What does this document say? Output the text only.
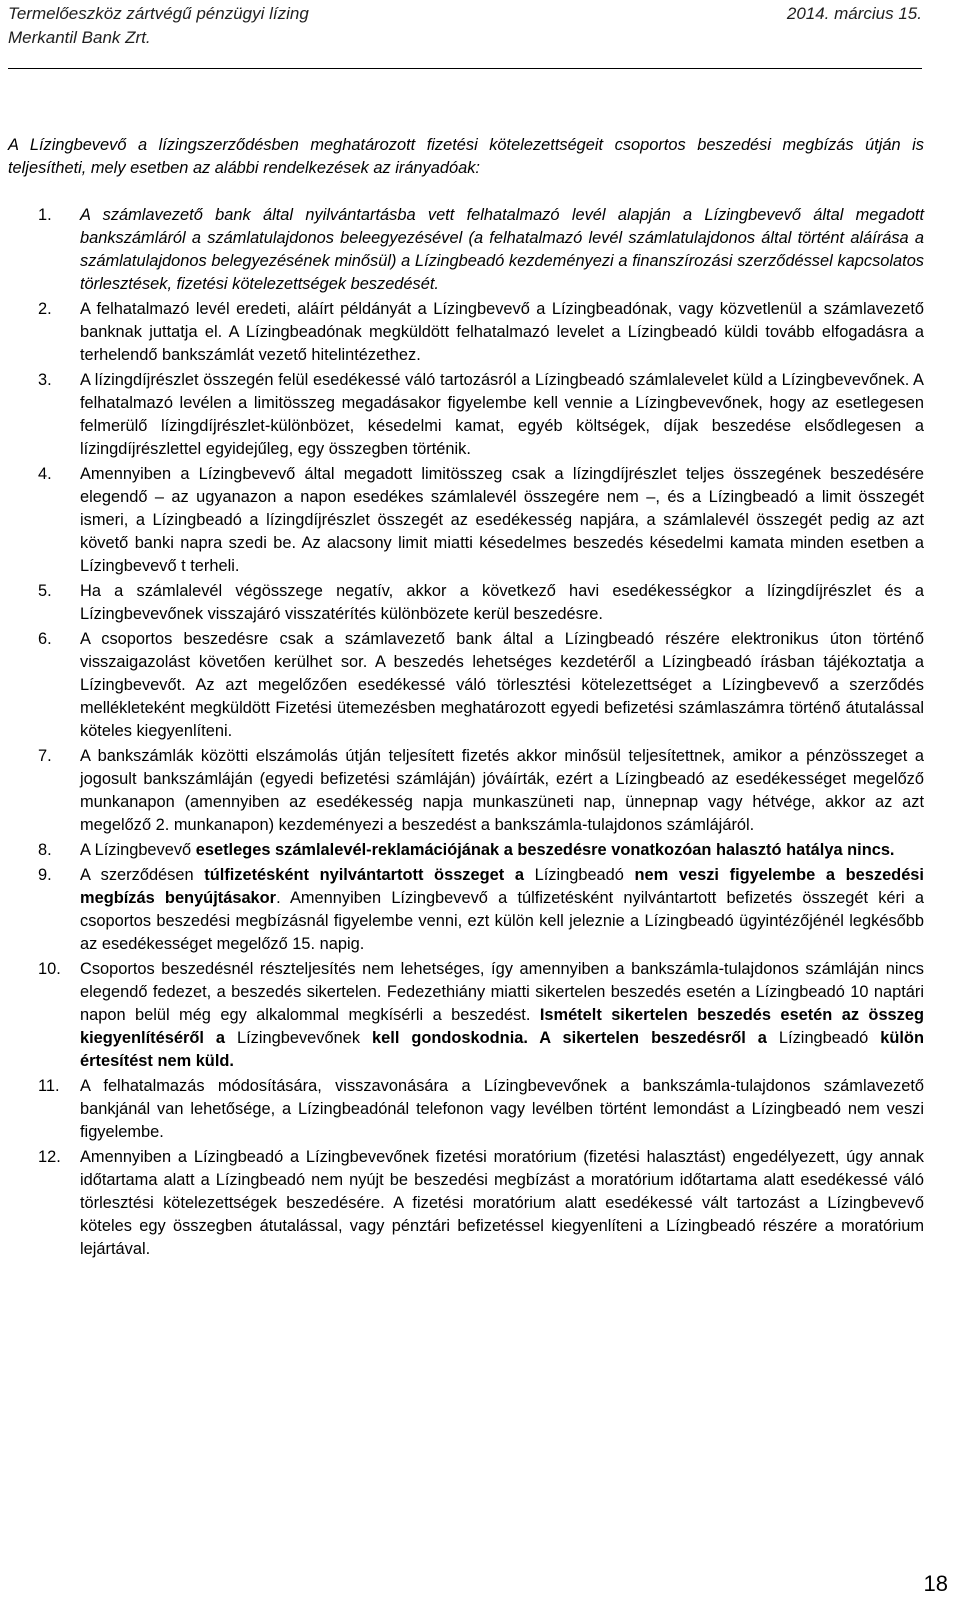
Termelőeszköz zártvégű pénzügyi lízing
Merkantil Bank Zrt.
2014. március 15.
A Lízingbevevő a lízingszerződésben meghatározott fizetési kötelezettségeit csoportos beszedési megbízás útján is teljesítheti, mely esetben az alábbi rendelkezések az irányadóak:
1. A számlavezető bank által nyilvántartásba vett felhatalmazó levél alapján a Lízingbevevő által megadott bankszámláról a számlatulajdonos beleegyezésével (a felhatalmazó levél számlatulajdonos által történt aláírása a számlatulajdonos belegyezésének minősül) a Lízingbeadó kezdeményezi a finanszírozási szerződéssel kapcsolatos törlesztések, fizetési kötelezettségek beszedését.
2. A felhatalmazó levél eredeti, aláírt példányát a Lízingbevevő a Lízingbeadónak, vagy közvetlenül a számlavezető banknak juttatja el. A Lízingbeadónak megküldött felhatalmazó levelet a Lízingbeadó küldi tovább elfogadásra a terhelendő bankszámlát vezető hitelintézethez.
3. A lízingdíjrészlet összegén felül esedékessé váló tartozásról a Lízingbeadó számlalevelet küld a Lízingbevevőnek. A felhatalmazó levélen a limitösszeg megadásakor figyelembe kell vennie a Lízingbevevőnek, hogy az esetlegesen felmerülő lízingdíjrészlet-különbözet, késedelmi kamat, egyéb költségek, díjak beszedése elsődlegesen a lízingdíjrészlettel egyidejűleg, egy összegben történik.
4. Amennyiben a Lízingbevevő által megadott limitösszeg csak a lízingdíjrészlet teljes összegének beszedésére elegendő – az ugyanazon a napon esedékes számlalevél összegére nem –, és a Lízingbeadó a limit összegét ismeri, a Lízingbeadó a lízingdíjrészlet összegét az esedékesség napjára, a számlalevél összegét pedig az azt követő banki napra szedi be. Az alacsony limit miatti késedelmes beszedés késedelmi kamata minden esetben a Lízingbevevő t terheli.
5. Ha a számlalevél végösszege negatív, akkor a következő havi esedékességkor a lízingdíjrészlet és a Lízingbevevőnek visszajáró visszatérítés különbözete kerül beszedésre.
6. A csoportos beszedésre csak a számlavezető bank által a Lízingbeadó részére elektronikus úton történő visszaigazolást követően kerülhet sor. A beszedés lehetséges kezdetéről a Lízingbeadó írásban tájékoztatja a Lízingbevevőt. Az azt megelőzően esedékessé váló törlesztési kötelezettséget a Lízingbevevő a szerződés mellékleteként megküldött Fizetési ütemezésben meghatározott egyedi befizetési számlaszámra történő átutalással köteles kiegyenlíteni.
7. A bankszámlák közötti elszámolás útján teljesített fizetés akkor minősül teljesítettnek, amikor a pénzösszeget a jogosult bankszámláján (egyedi befizetési számláján) jóváírták, ezért a Lízingbeadó az esedékességet megelőző munkanapon (amennyiben az esedékesség napja munkaszüneti nap, ünnepnap vagy hétvége, akkor az azt megelőző 2. munkanapon) kezdeményezi a beszedést a bankszámla-tulajdonos számlájáról.
8. A Lízingbevevő esetleges számlalevél-reklamációjának a beszedésre vonatkozóan halasztó hatálya nincs.
9. A szerződésen túlfizetésként nyilvántartott összeget a Lízingbeadó nem veszi figyelembe a beszedési megbízás benyújtásakor. Amennyiben Lízingbevevő a túlfizetésként nyilvántartott befizetés összegét kéri a csoportos beszedési megbízásnál figyelembe venni, ezt külön kell jeleznie a Lízingbeadó ügyintézőjénél legkésőbb az esedékességet megelőző 15. napig.
10. Csoportos beszedésnél részteljesítés nem lehetséges, így amennyiben a bankszámla-tulajdonos számláján nincs elegendő fedezet, a beszedés sikertelen. Fedezethiány miatti sikertelen beszedés esetén a Lízingbeadó 10 naptári napon belül még egy alkalommal megkísérli a beszedést. Ismételt sikertelen beszedés esetén az összeg kiegyenlítéséről a Lízingbevevőnek kell gondoskodnia. A sikertelen beszedésről a Lízingbeadó külön értesítést nem küld.
11. A felhatalmazás módosítására, visszavonására a Lízingbevevőnek a bankszámla-tulajdonos számlavezető bankjánál van lehetősége, a Lízingbeadónál telefonon vagy levélben történt lemondást a Lízingbeadó nem veszi figyelembe.
12. Amennyiben a Lízingbeadó a Lízingbevevőnek fizetési moratórium (fizetési halasztást) engedélyezett, úgy annak időtartama alatt a Lízingbeadó nem nyújt be beszedési megbízást a moratórium időtartama alatt esedékessé váló törlesztési kötelezettségek beszedésére. A fizetési moratórium alatt esedékessé vált tartozást a Lízingbevevő köteles egy összegben átutalással, vagy pénztári befizetéssel kiegyenlíteni a Lízingbeadó részére a moratórium lejártával.
18
